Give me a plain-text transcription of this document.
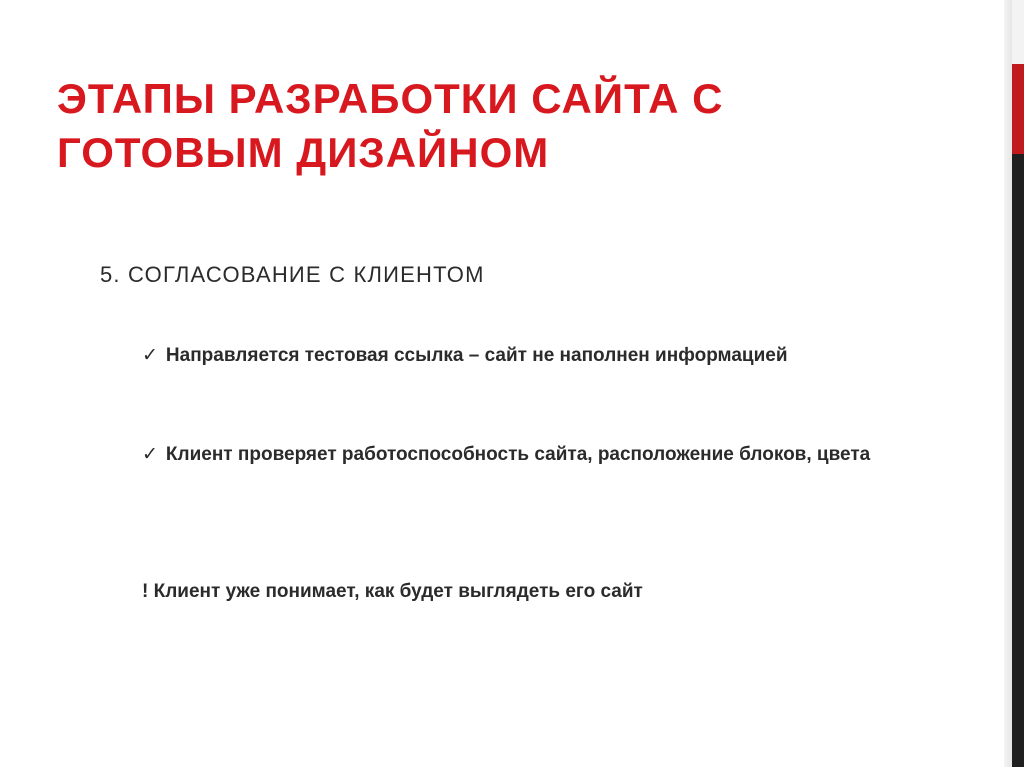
ЭТАПЫ РАЗРАБОТКИ САЙТА С ГОТОВЫМ ДИЗАЙНОМ

5. СОГЛАСОВАНИЕ С КЛИЕНТОМ

✓ Направляется тестовая ссылка – сайт не наполнен информацией

✓ Клиент проверяет работоспособность сайта, расположение блоков, цвета

! Клиент уже понимает, как будет выглядеть его сайт
